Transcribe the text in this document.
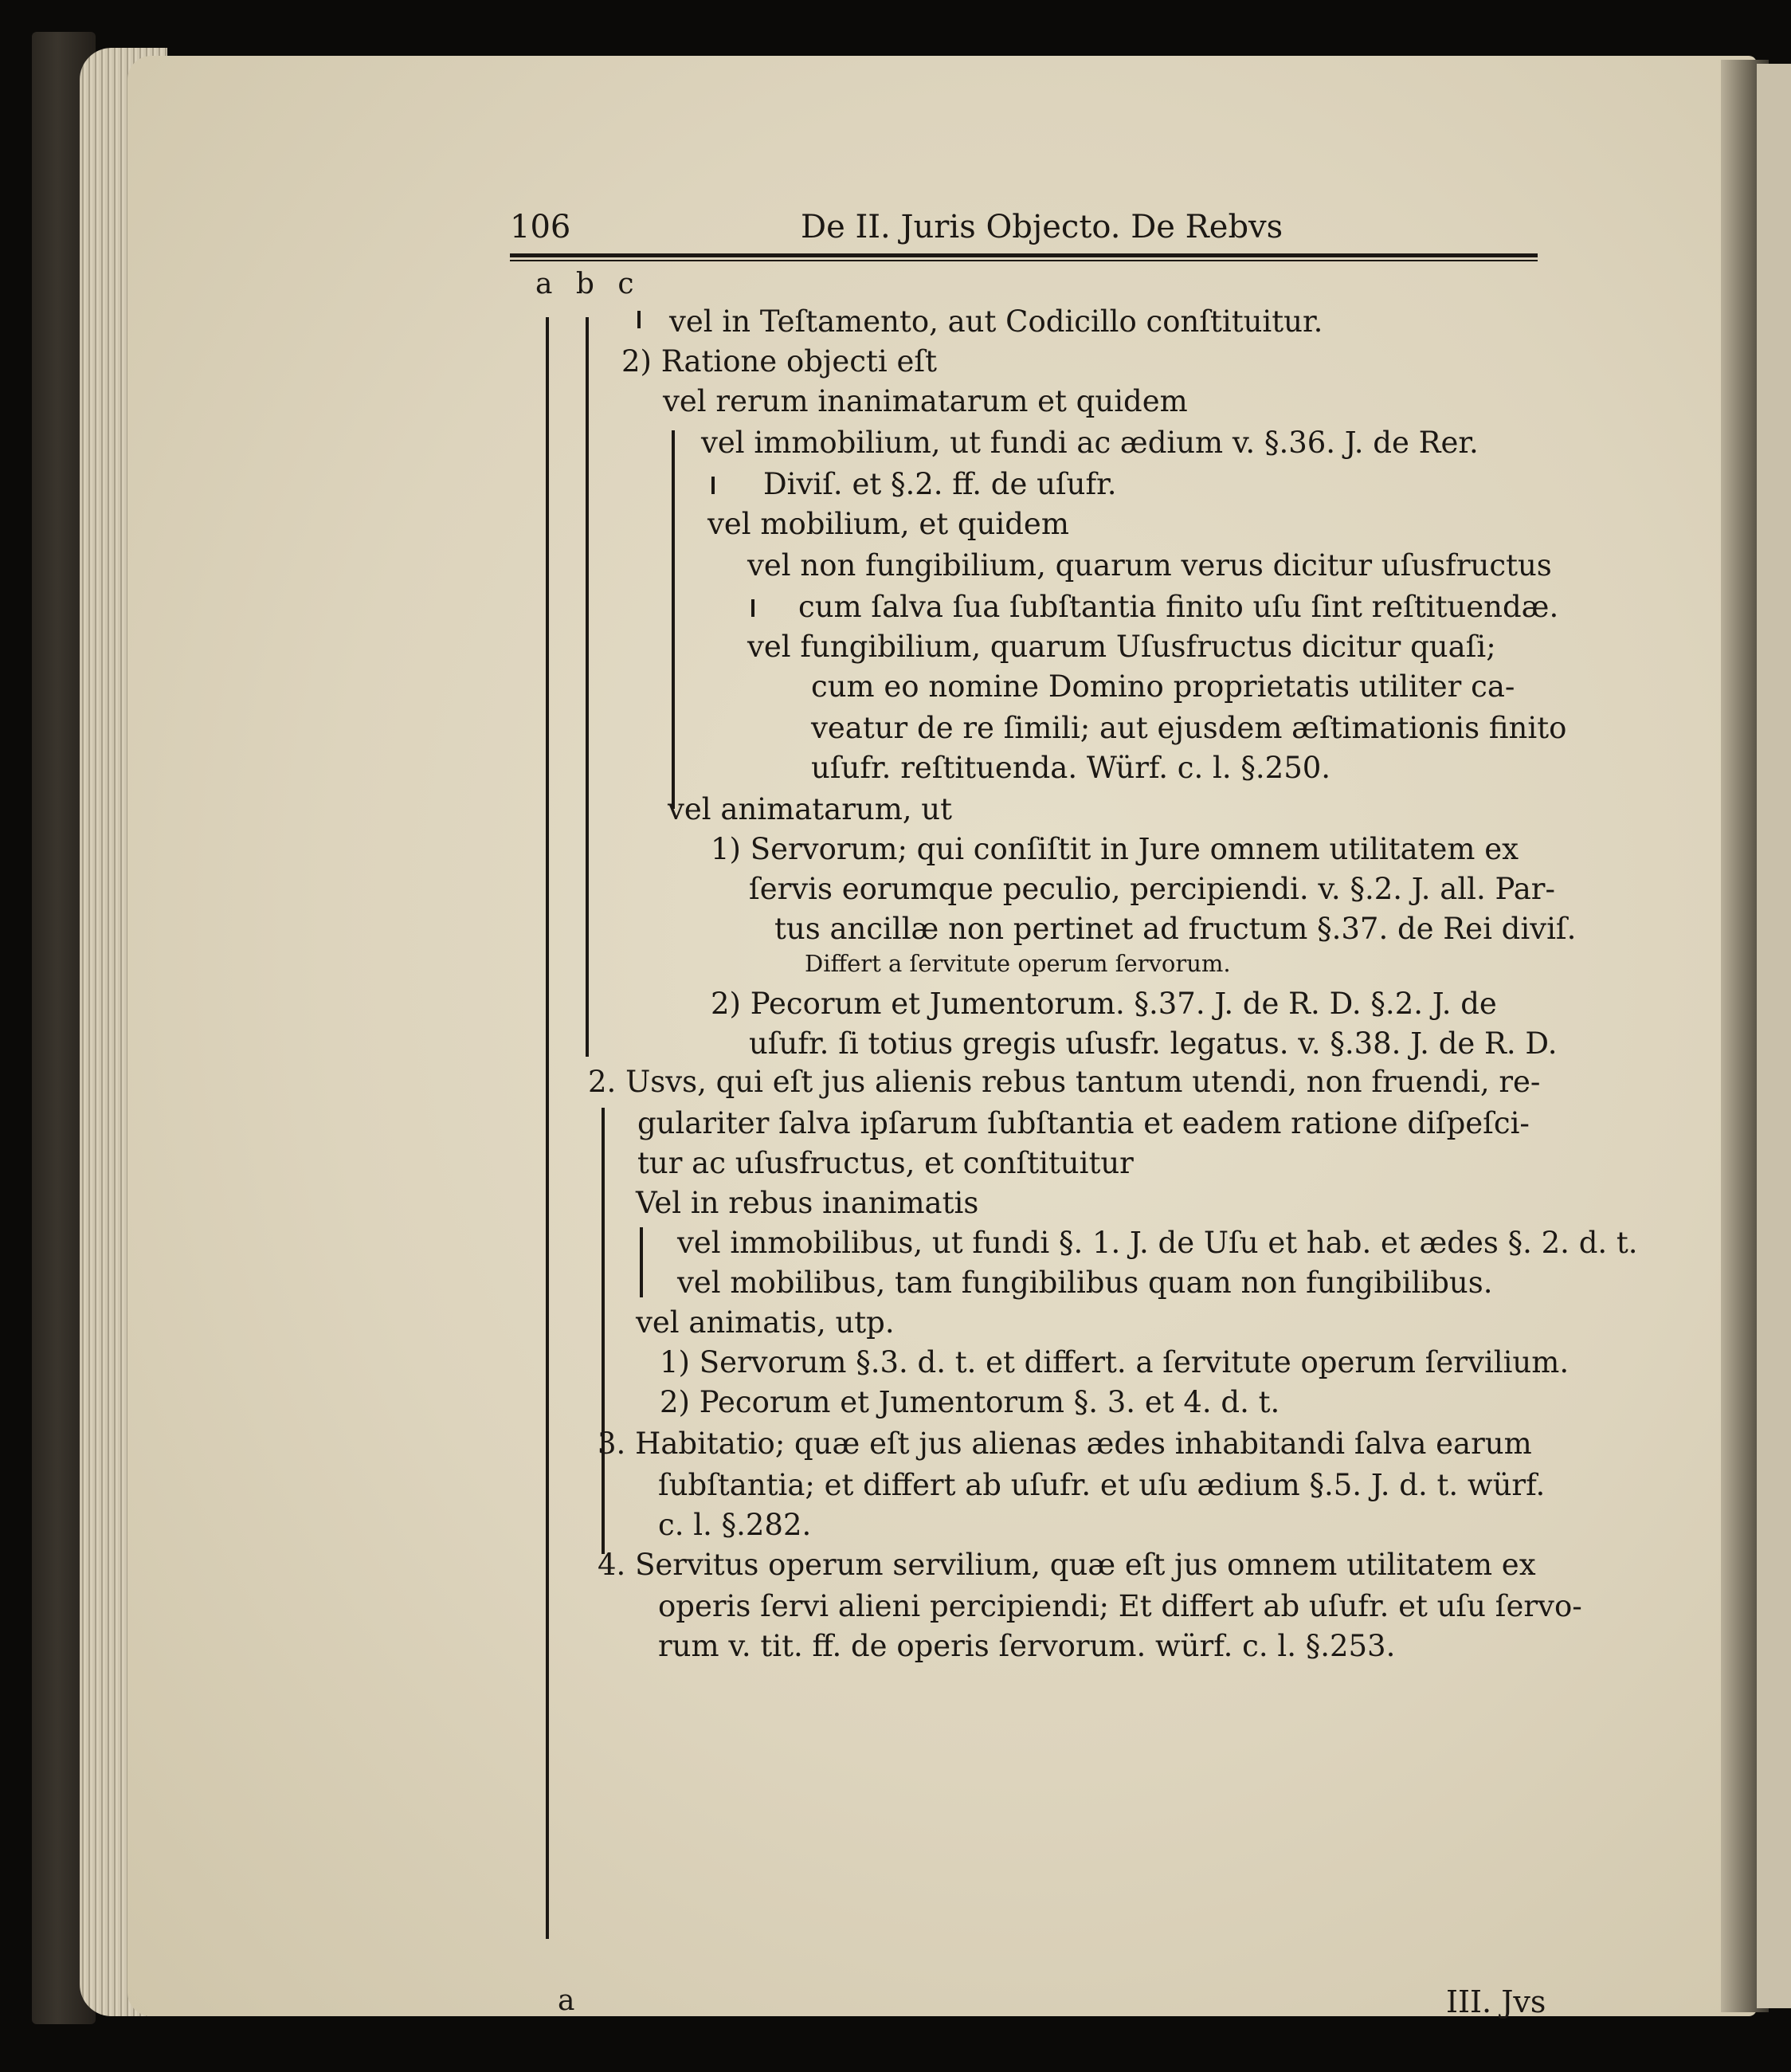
106	De II. Juris Objecto. De Rebvs
a b c
vel in Teſtamento, aut Codicillo conſtituitur.
2) Ratione objecti eſt
vel rerum inanimatarum et quidem
vel immobilium, ut fundi ac ædium v. §.36. J. de Rer.
Diviſ. et §.2. ff. de uſufr.
vel mobilium, et quidem
vel non fungibilium, quarum verus dicitur uſusfructus
cum ſalva ſua ſubſtantia finito uſu ſint reſtituendæ.
vel fungibilium, quarum Uſusfructus dicitur quaſi;
cum eo nomine Domino proprietatis utiliter ca-
veatur de re ſimili; aut ejusdem æſtimationis finito
uſufr. reſtituenda. Würf. c. l. §.250.
vel animatarum, ut
1) Servorum; qui conſiſtit in Jure omnem utilitatem ex
ſervis eorumque peculio, percipiendi. v. §.2. J. all. Par-
tus ancillæ non pertinet ad fructum §.37. de Rei diviſ.
Differt a ſervitute operum ſervorum.
2) Pecorum et Jumentorum. §.37. J. de R. D. §.2. J. de
uſufr. ſi totius gregis uſusfr. legatus. v. §.38. J. de R. D.
2. Usvs, qui eſt jus alienis rebus tantum utendi, non fruendi, re-
gulariter ſalva ipſarum ſubſtantia et eadem ratione diſpeſci-
tur ac uſusfructus, et conſtituitur
Vel in rebus inanimatis
vel immobilibus, ut fundi §. 1. J. de Uſu et hab. et ædes §. 2. d. t.
vel mobilibus, tam fungibilibus quam non fungibilibus.
vel animatis, utp.
1) Servorum §.3. d. t. et differt. a ſervitute operum ſervilium.
2) Pecorum et Jumentorum §. 3. et 4. d. t.
3. Habitatio; quæ eſt jus alienas ædes inhabitandi ſalva earum
ſubſtantia; et differt ab uſufr. et uſu ædium §.5. J. d. t. würf.
c. l. §.282.
4. Servitus operum servilium, quæ eſt jus omnem utilitatem ex
operis ſervi alieni percipiendi; Et differt ab uſufr. et uſu ſervo-
rum v. tit. ff. de operis ſervorum. würf. c. l. §.253.
a	III. Jvs
